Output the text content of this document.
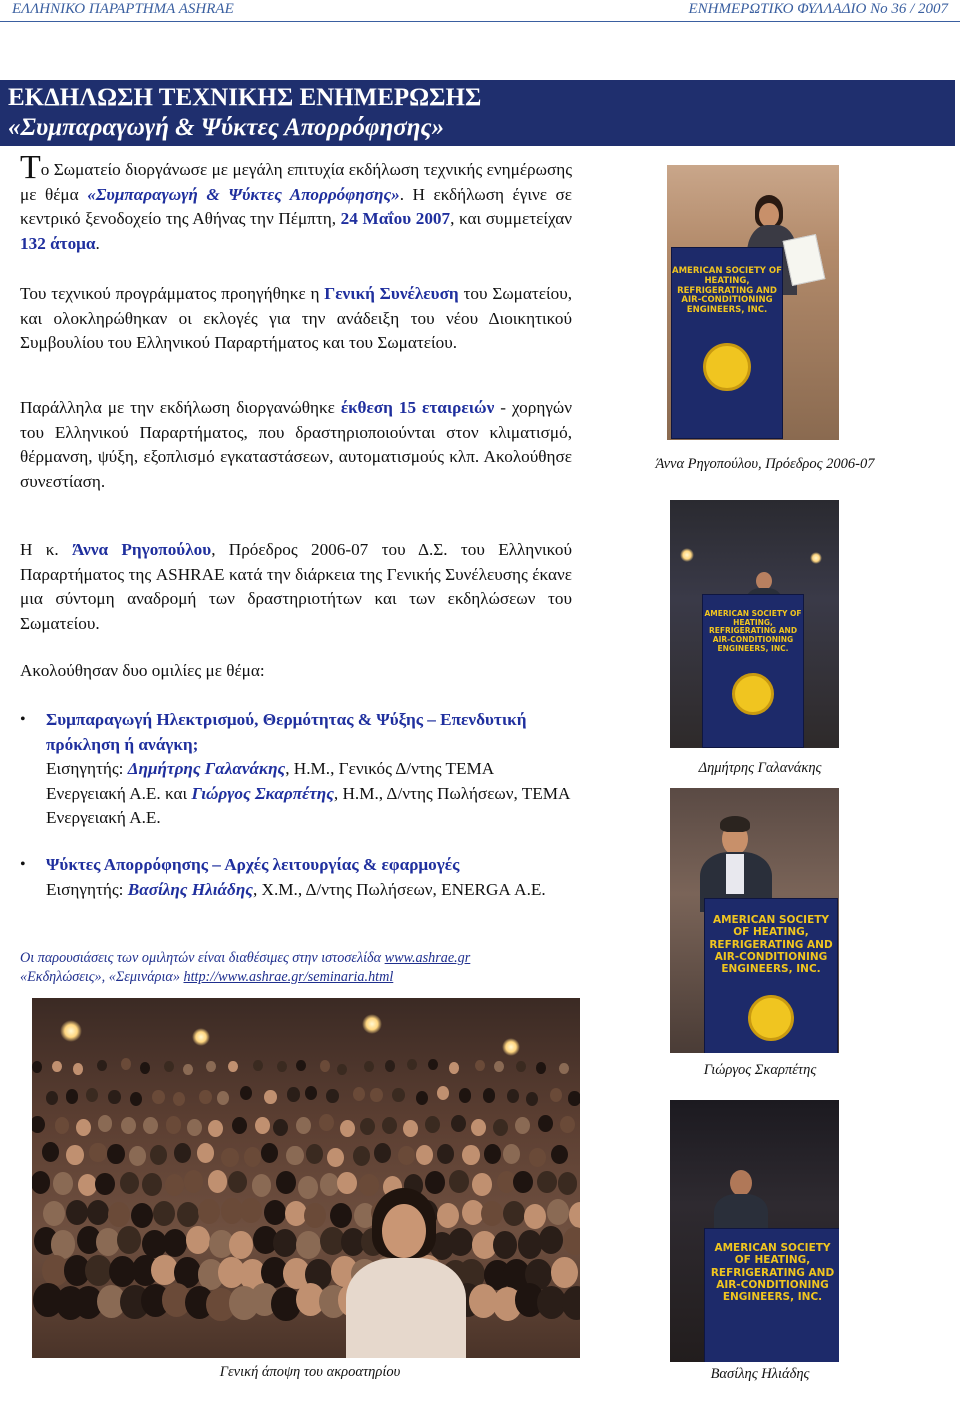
ΕΛΛΗΝΙΚΟ ΠΑΡΑΡΤΗΜΑ ASHRAE	ΕΝΗΜΕΡΩΤΙΚΟ ΦΥΛΛΑΔΙΟ Νο 36 / 2007
ΕΚΔΗΛΩΣΗ ΤΕΧΝΙΚΗΣ ΕΝΗΜΕΡΩΣΗΣ
«Συμπαραγωγή & Ψύκτες Απορρόφησης»

Το Σωματείο διοργάνωσε με μεγάλη επιτυχία εκδήλωση τεχνικής ενημέρωσης με θέμα «Συμπαραγωγή & Ψύκτες Απορρόφησης». Η εκδήλωση έγινε σε κεντρικό ξενοδοχείο της Αθήνας την Πέμπτη, 24 Μαΐου 2007, και συμμετείχαν 132 άτομα.

Του τεχνικού προγράμματος προηγήθηκε η Γενική Συνέλευση του Σωματείου, και ολοκληρώθηκαν οι εκλογές για την ανάδειξη του νέου Διοικητικού Συμβουλίου του Ελληνικού Παραρτήματος και του Σωματείου.

Παράλληλα με την εκδήλωση διοργανώθηκε έκθεση 15 εταιρειών - χορηγών του Ελληνικού Παραρτήματος, που δραστηριοποιούνται στον κλιματισμό, θέρμανση, ψύξη, εξοπλισμό εγκαταστάσεων, αυτοματισμούς κλπ. Ακολούθησε συνεστίαση.

Η κ. Άννα Ρηγοπούλου, Πρόεδρος 2006-07 του Δ.Σ. του Ελληνικού Παραρτήματος της ASHRAE κατά την διάρκεια της Γενικής Συνέλευσης έκανε μια σύντομη αναδρομή των δραστηριοτήτων και των εκδηλώσεων του Σωματείου.

Ακολούθησαν δυο ομιλίες με θέμα:

• Συμπαραγωγή Ηλεκτρισμού, Θερμότητας & Ψύξης – Επενδυτική πρόκληση ή ανάγκη;
Εισηγητής: Δημήτρης Γαλανάκης, Η.Μ., Γενικός Δ/ντης ΤΕΜΑ Ενεργειακή Α.Ε. και Γιώργος Σκαρπέτης, Η.Μ., Δ/ντης Πωλήσεων, ΤΕΜΑ Ενεργειακή Α.Ε.
• Ψύκτες Απορρόφησης – Αρχές λειτουργίας & εφαρμογές
Εισηγητής: Βασίλης Ηλιάδης, Χ.Μ., Δ/ντης Πωλήσεων, ENERGA Α.Ε.
Οι παρουσιάσεις των ομιλητών είναι διαθέσιμες στην ιστοσελίδα www.ashrae.gr
«Εκδηλώσεις», «Σεμινάρια» http://www.ashrae.gr/seminaria.html
AMERICAN SOCIETY OF HEATING, REFRIGERATING AND AIR-CONDITIONING ENGINEERS, INC.
Άννα Ρηγοπούλου, Πρόεδρος 2006-07
AMERICAN SOCIETY OF HEATING, REFRIGERATING AND AIR-CONDITIONING ENGINEERS, INC.
Δημήτρης Γαλανάκης
AMERICAN SOCIETY OF HEATING, REFRIGERATING AND AIR-CONDITIONING ENGINEERS, INC.
Γιώργος Σκαρπέτης
Γενική άποψη του ακροατηρίου
AMERICAN SOCIETY OF HEATING, REFRIGERATING AND AIR-CONDITIONING ENGINEERS, INC.
Βασίλης Ηλιάδης
